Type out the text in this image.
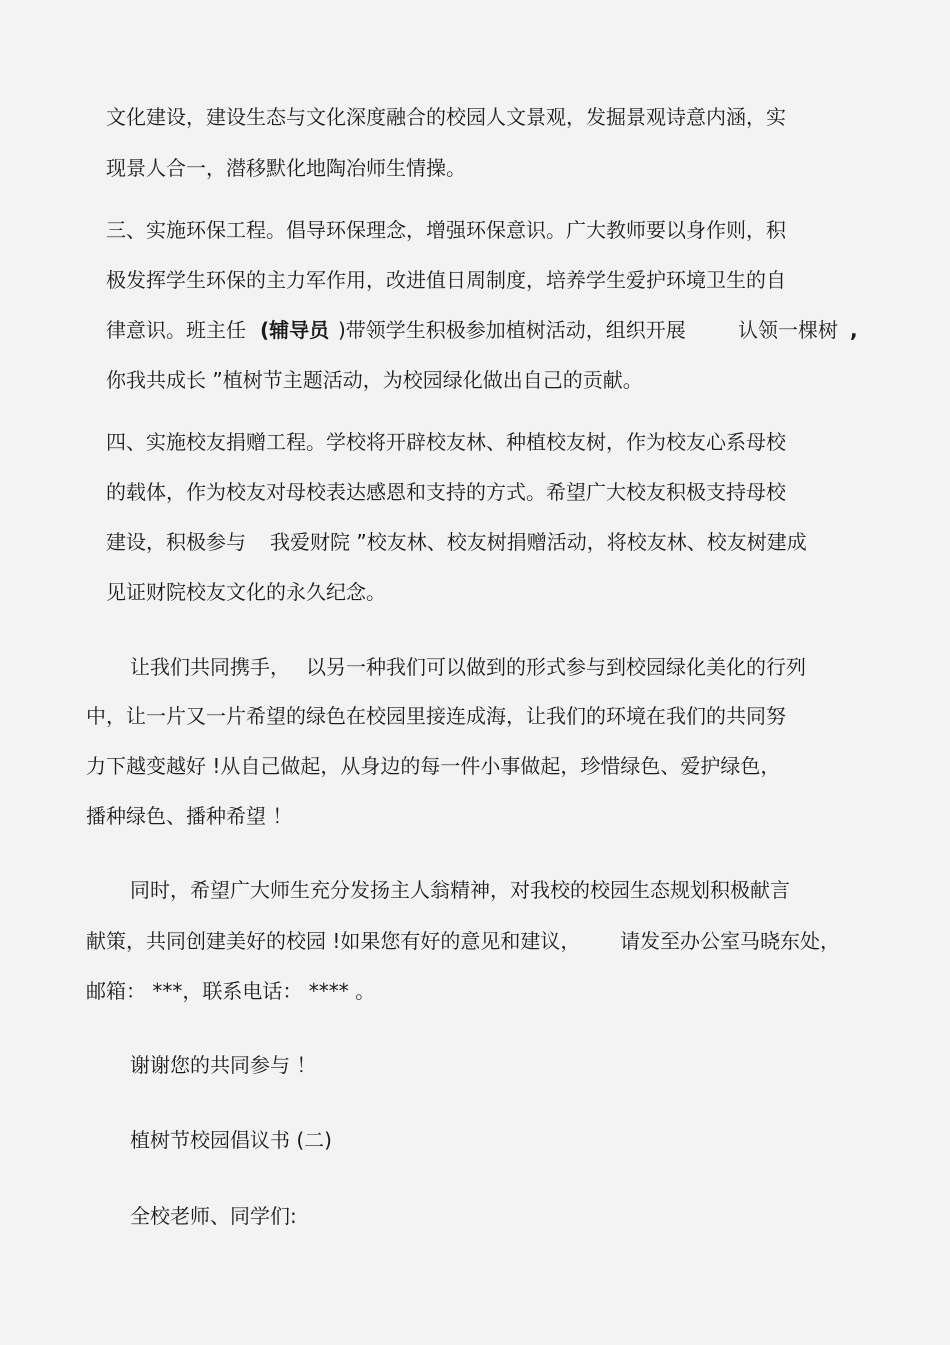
文化建设，建设生态与文化深度融合的校园人文景观，发掘景观诗意内涵，实
现景人合一，潜移默化地陶冶师生情操。
三、实施环保工程。倡导环保理念，增强环保意识。广大教师要以身作则，积
极发挥学生环保的主力军作用，改进值日周制度，培养学生爱护环境卫生的自
律意识。班主任 (辅导员 )带领学生积极参加植树活动，组织开展	认领一棵树 ,
你我共成长 ”植树节主题活动，为校园绿化做出自己的贡献。
四、实施校友捐赠工程。学校将开辟校友林、种植校友树，作为校友心系母校
的载体，作为校友对母校表达感恩和支持的方式。希望广大校友积极支持母校
建设，积极参与 我爱财院 ”校友林、校友树捐赠活动，将校友林、校友树建成
见证财院校友文化的永久纪念。
让我们共同携手， 以另一种我们可以做到的形式参与到校园绿化美化的行列
中，让一片又一片希望的绿色在校园里接连成海，让我们的环境在我们的共同努
力下越变越好 !从自己做起，从身边的每一件小事做起，珍惜绿色、爱护绿色，
播种绿色、播种希望 ！
同时，希望广大师生充分发扬主人翁精神，对我校的校园生态规划积极献言
献策，共同创建美好的校园 !如果您有好的意见和建议， 请发至办公室马晓东处，
邮箱： ***，联系电话： **** 。
谢谢您的共同参与 ！
植树节校园倡议书 (二)
全校老师、同学们:
